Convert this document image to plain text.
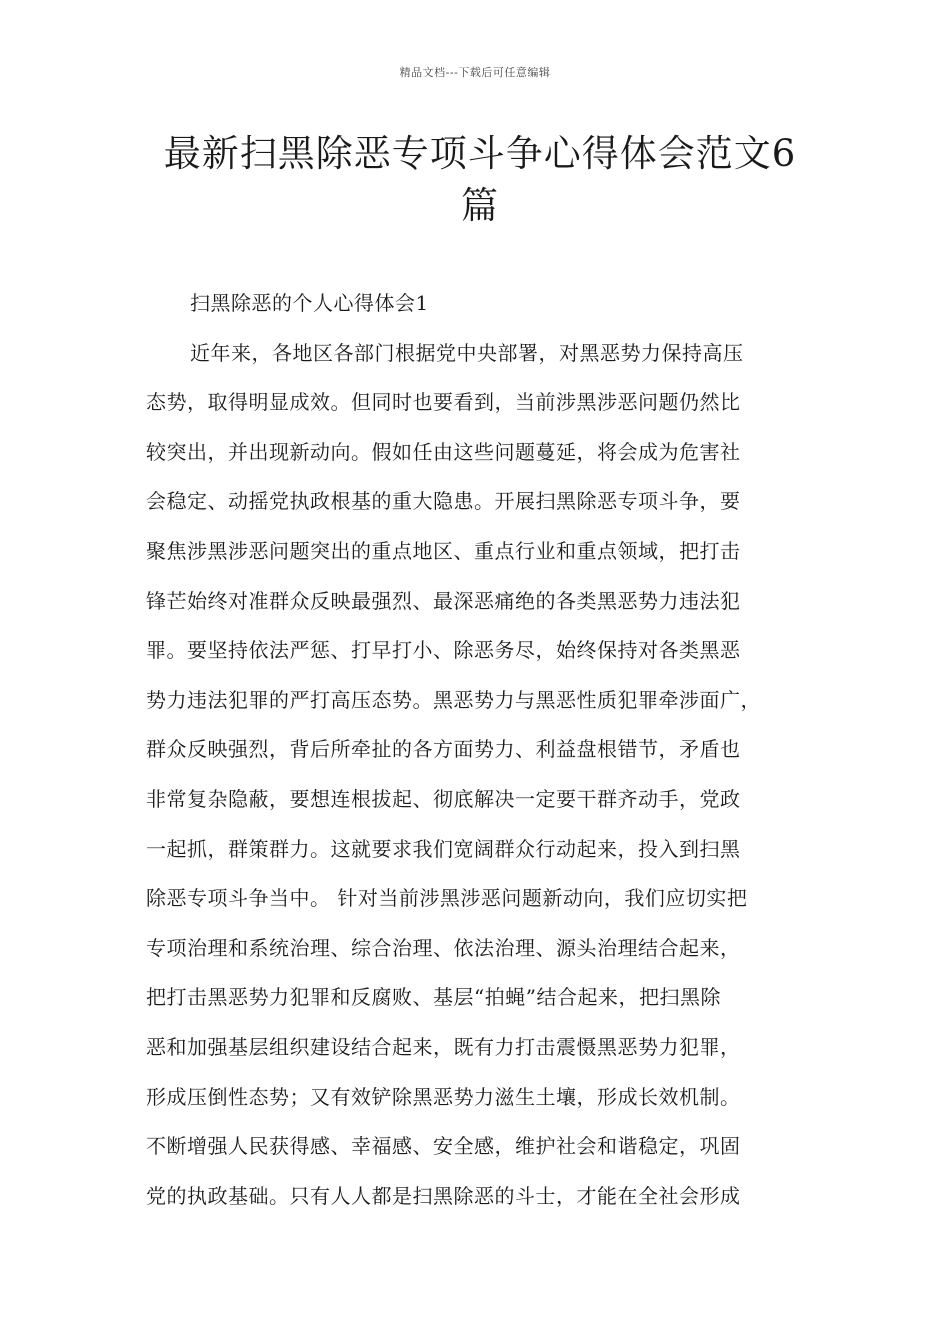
精品文档---下载后可任意编辑
最新扫黑除恶专项斗争心得体会范文6篇

扫黑除恶的个人心得体会1

近年来，各地区各部门根据党中央部署，对黑恶势力保持高压
态势，取得明显成效。但同时也要看到，当前涉黑涉恶问题仍然比
较突出，并出现新动向。假如任由这些问题蔓延，将会成为危害社
会稳定、动摇党执政根基的重大隐患。开展扫黑除恶专项斗争，要
聚焦涉黑涉恶问题突出的重点地区、重点行业和重点领域，把打击
锋芒始终对准群众反映最强烈、最深恶痛绝的各类黑恶势力违法犯
罪。要坚持依法严惩、打早打小、除恶务尽，始终保持对各类黑恶
势力违法犯罪的严打高压态势。黑恶势力与黑恶性质犯罪牵涉面广，
群众反映强烈，背后所牵扯的各方面势力、利益盘根错节，矛盾也
非常复杂隐蔽，要想连根拔起、彻底解决一定要干群齐动手，党政
一起抓，群策群力。这就要求我们宽阔群众行动起来，投入到扫黑
除恶专项斗争当中。 针对当前涉黑涉恶问题新动向，我们应切实把
专项治理和系统治理、综合治理、依法治理、源头治理结合起来，
把打击黑恶势力犯罪和反腐败、基层“拍蝇”结合起来，把扫黑除
恶和加强基层组织建设结合起来，既有力打击震慑黑恶势力犯罪，
形成压倒性态势；又有效铲除黑恶势力滋生土壤，形成长效机制。
不断增强人民获得感、幸福感、安全感，维护社会和谐稳定，巩固
党的执政基础。只有人人都是扫黑除恶的斗士，才能在全社会形成
